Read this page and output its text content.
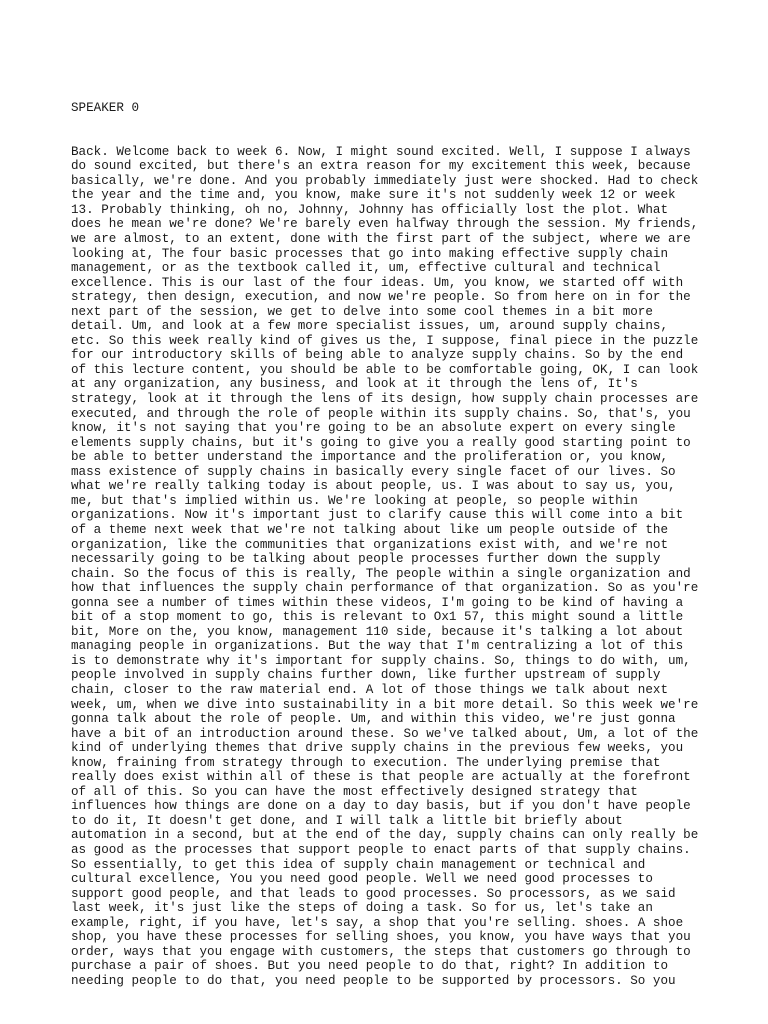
SPEAKER 0

Back. Welcome back to week 6. Now, I might sound excited. Well, I suppose I always
do sound excited, but there's an extra reason for my excitement this week, because
basically, we're done. And you probably immediately just were shocked. Had to check
the year and the time and, you know, make sure it's not suddenly week 12 or week
13. Probably thinking, oh no, Johnny, Johnny has officially lost the plot. What
does he mean we're done? We're barely even halfway through the session. My friends,
we are almost, to an extent, done with the first part of the subject, where we are
looking at, The four basic processes that go into making effective supply chain
management, or as the textbook called it, um, effective cultural and technical
excellence. This is our last of the four ideas. Um, you know, we started off with
strategy, then design, execution, and now we're people. So from here on in for the
next part of the session, we get to delve into some cool themes in a bit more
detail. Um, and look at a few more specialist issues, um, around supply chains,
etc. So this week really kind of gives us the, I suppose, final piece in the puzzle
for our introductory skills of being able to analyze supply chains. So by the end
of this lecture content, you should be able to be comfortable going, OK, I can look
at any organization, any business, and look at it through the lens of, It's
strategy, look at it through the lens of its design, how supply chain processes are
executed, and through the role of people within its supply chains. So, that's, you
know, it's not saying that you're going to be an absolute expert on every single
elements supply chains, but it's going to give you a really good starting point to
be able to better understand the importance and the proliferation or, you know,
mass existence of supply chains in basically every single facet of our lives. So
what we're really talking today is about people, us. I was about to say us, you,
me, but that's implied within us. We're looking at people, so people within
organizations. Now it's important just to clarify cause this will come into a bit
of a theme next week that we're not talking about like um people outside of the
organization, like the communities that organizations exist with, and we're not
necessarily going to be talking about people processes further down the supply
chain. So the focus of this is really, The people within a single organization and
how that influences the supply chain performance of that organization. So as you're
gonna see a number of times within these videos, I'm going to be kind of having a
bit of a stop moment to go, this is relevant to Ox1 57, this might sound a little
bit, More on the, you know, management 110 side, because it's talking a lot about
managing people in organizations. But the way that I'm centralizing a lot of this
is to demonstrate why it's important for supply chains. So, things to do with, um,
people involved in supply chains further down, like further upstream of supply
chain, closer to the raw material end. A lot of those things we talk about next
week, um, when we dive into sustainability in a bit more detail. So this week we're
gonna talk about the role of people. Um, and within this video, we're just gonna
have a bit of an introduction around these. So we've talked about, Um, a lot of the
kind of underlying themes that drive supply chains in the previous few weeks, you
know, fraining from strategy through to execution. The underlying premise that
really does exist within all of these is that people are actually at the forefront
of all of this. So you can have the most effectively designed strategy that
influences how things are done on a day to day basis, but if you don't have people
to do it, It doesn't get done, and I will talk a little bit briefly about
automation in a second, but at the end of the day, supply chains can only really be
as good as the processes that support people to enact parts of that supply chains.
So essentially, to get this idea of supply chain management or technical and
cultural excellence, You you need good people. Well we need good processes to
support good people, and that leads to good processes. So processors, as we said
last week, it's just like the steps of doing a task. So for us, let's take an
example, right, if you have, let's say, a shop that you're selling. shoes. A shoe
shop, you have these processes for selling shoes, you know, you have ways that you
order, ways that you engage with customers, the steps that customers go through to
purchase a pair of shoes. But you need people to do that, right? In addition to
needing people to do that, you need people to be supported by processors. So you
